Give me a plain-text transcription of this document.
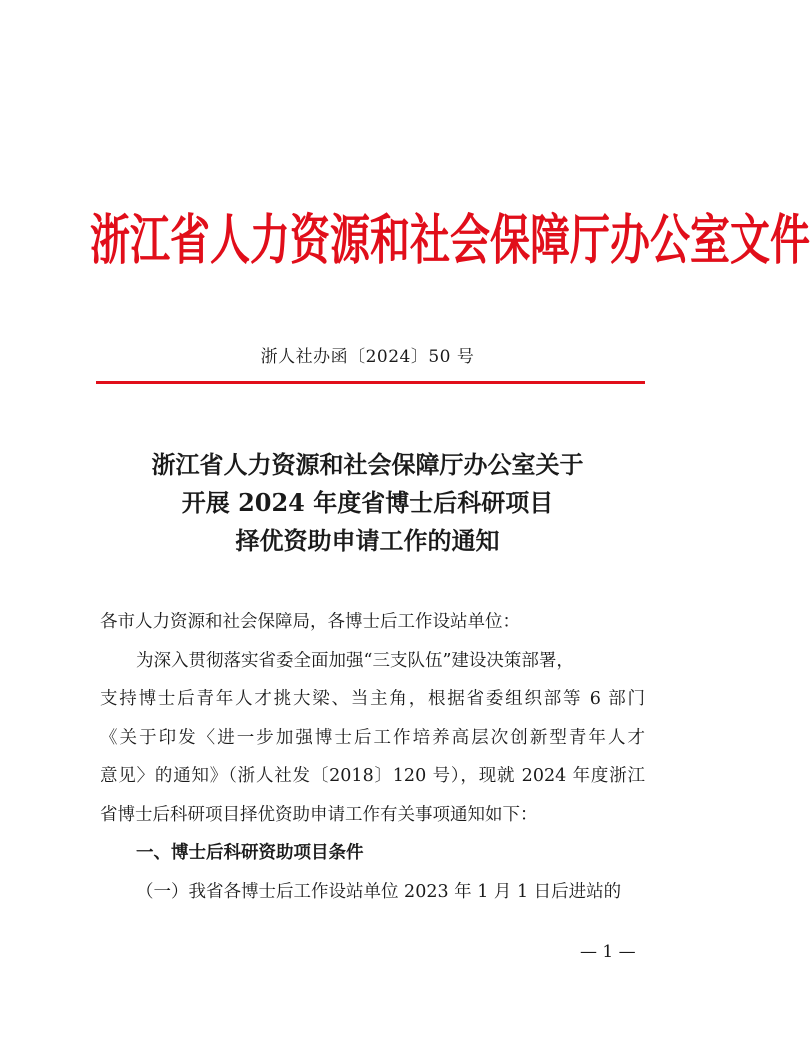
浙江省人力资源和社会保障厅办公室文件
浙人社办函〔2024〕50 号
浙江省人力资源和社会保障厅办公室关于
开展 2024 年度省博士后科研项目
择优资助申请工作的通知

各市人力资源和社会保障局，各博士后工作设站单位：

为深入贯彻落实省委全面加强“三支队伍”建设决策部署，

支持博士后青年人才挑大梁、当主角，根据省委组织部等 6 部门

《关于印发〈进一步加强博士后工作培养高层次创新型青年人才

意见〉的通知》（浙人社发〔2018〕120 号），现就 2024 年度浙江

省博士后科研项目择优资助申请工作有关事项通知如下：

一、博士后科研资助项目条件

（一）我省各博士后工作设站单位 2023 年 1 月 1 日后进站的

— 1 —
